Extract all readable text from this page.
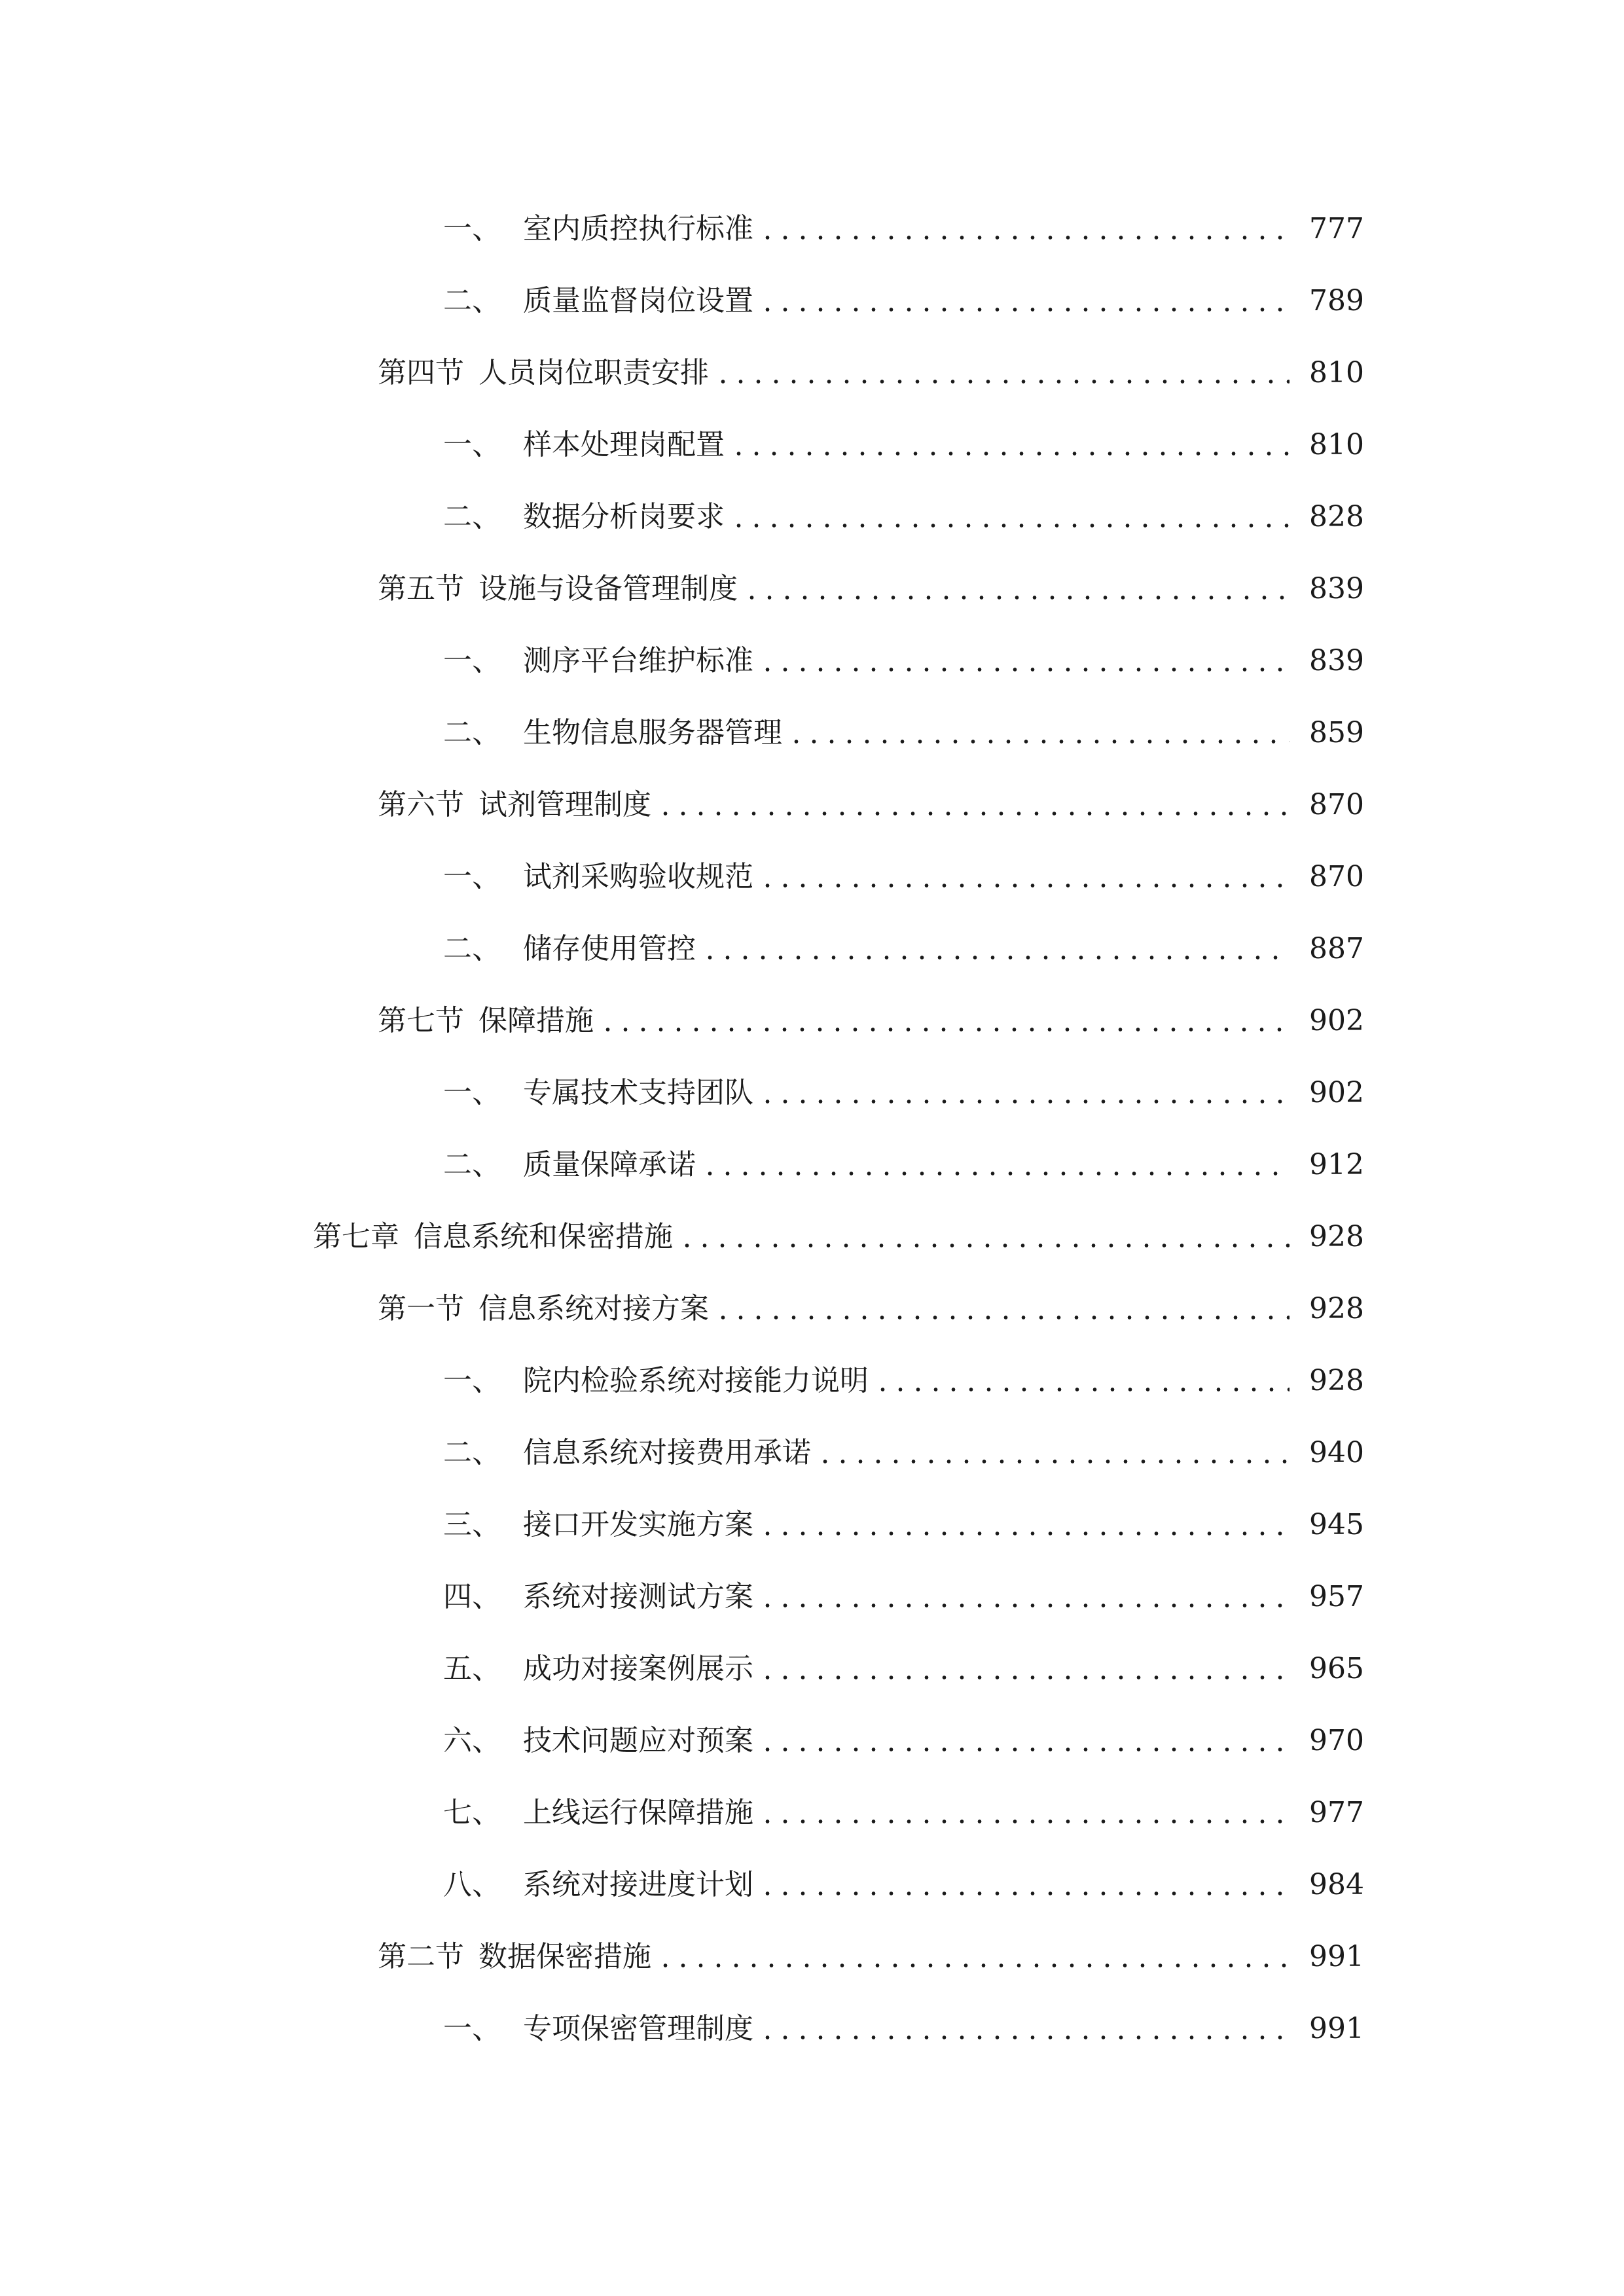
一、 室内质控执行标准	777
二、 质量监督岗位设置	789
第四节 人员岗位职责安排	810
一、 样本处理岗配置	810
二、 数据分析岗要求	828
第五节 设施与设备管理制度	839
一、 测序平台维护标准	839
二、 生物信息服务器管理	859
第六节 试剂管理制度	870
一、 试剂采购验收规范	870
二、 储存使用管控	887
第七节 保障措施	902
一、 专属技术支持团队	902
二、 质量保障承诺	912
第七章 信息系统和保密措施	928
第一节 信息系统对接方案	928
一、 院内检验系统对接能力说明	928
二、 信息系统对接费用承诺	940
三、 接口开发实施方案	945
四、 系统对接测试方案	957
五、 成功对接案例展示	965
六、 技术问题应对预案	970
七、 上线运行保障措施	977
八、 系统对接进度计划	984
第二节 数据保密措施	991
一、 专项保密管理制度	991
